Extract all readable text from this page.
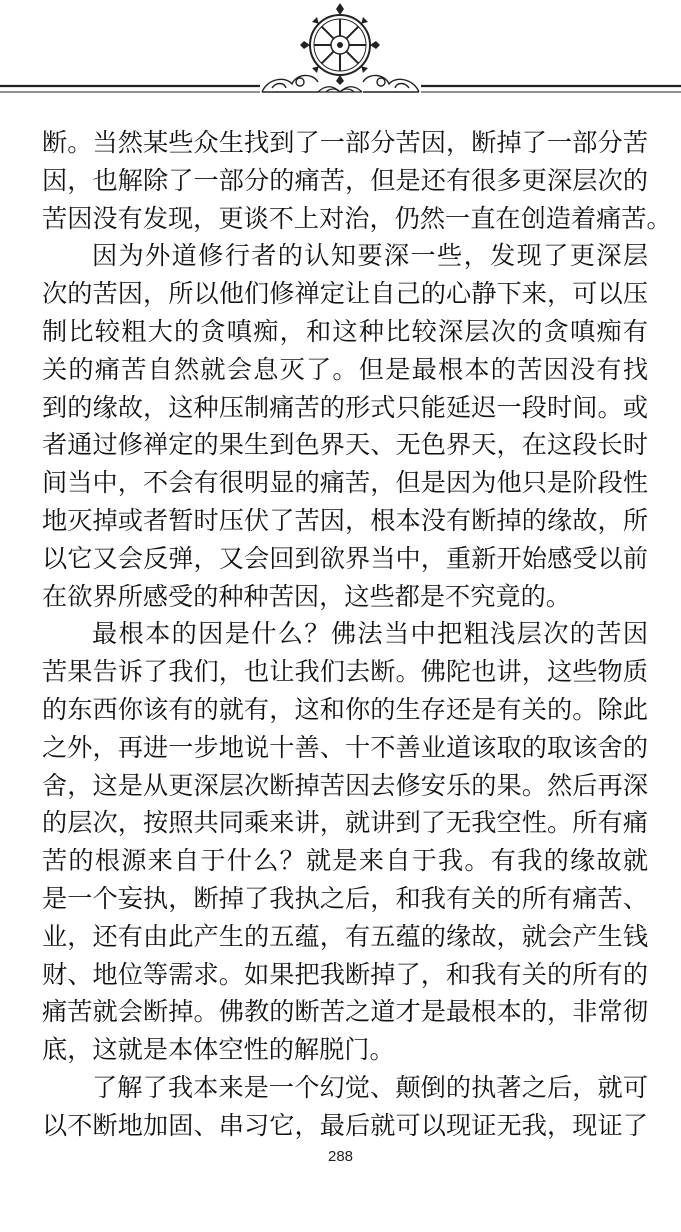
断。当然某些众生找到了一部分苦因，断掉了一部分苦
因，也解除了一部分的痛苦，但是还有很多更深层次的
苦因没有发现，更谈不上对治，仍然一直在创造着痛苦。
因为外道修行者的认知要深一些，发现了更深层
次的苦因，所以他们修禅定让自己的心静下来，可以压
制比较粗大的贪嗔痴，和这种比较深层次的贪嗔痴有
关的痛苦自然就会息灭了。但是最根本的苦因没有找
到的缘故，这种压制痛苦的形式只能延迟一段时间。或
者通过修禅定的果生到色界天、无色界天，在这段长时
间当中，不会有很明显的痛苦，但是因为他只是阶段性
地灭掉或者暂时压伏了苦因，根本没有断掉的缘故，所
以它又会反弹，又会回到欲界当中，重新开始感受以前
在欲界所感受的种种苦因，这些都是不究竟的。
最根本的因是什么？佛法当中把粗浅层次的苦因
苦果告诉了我们，也让我们去断。佛陀也讲，这些物质
的东西你该有的就有，这和你的生存还是有关的。除此
之外，再进一步地说十善、十不善业道该取的取该舍的
舍，这是从更深层次断掉苦因去修安乐的果。然后再深
的层次，按照共同乘来讲，就讲到了无我空性。所有痛
苦的根源来自于什么？就是来自于我。有我的缘故就
是一个妄执，断掉了我执之后，和我有关的所有痛苦、
业，还有由此产生的五蕴，有五蕴的缘故，就会产生钱
财、地位等需求。如果把我断掉了，和我有关的所有的
痛苦就会断掉。佛教的断苦之道才是最根本的，非常彻
底，这就是本体空性的解脱门。
了解了我本来是一个幻觉、颠倒的执著之后，就可
以不断地加固、串习它，最后就可以现证无我，现证了
288
